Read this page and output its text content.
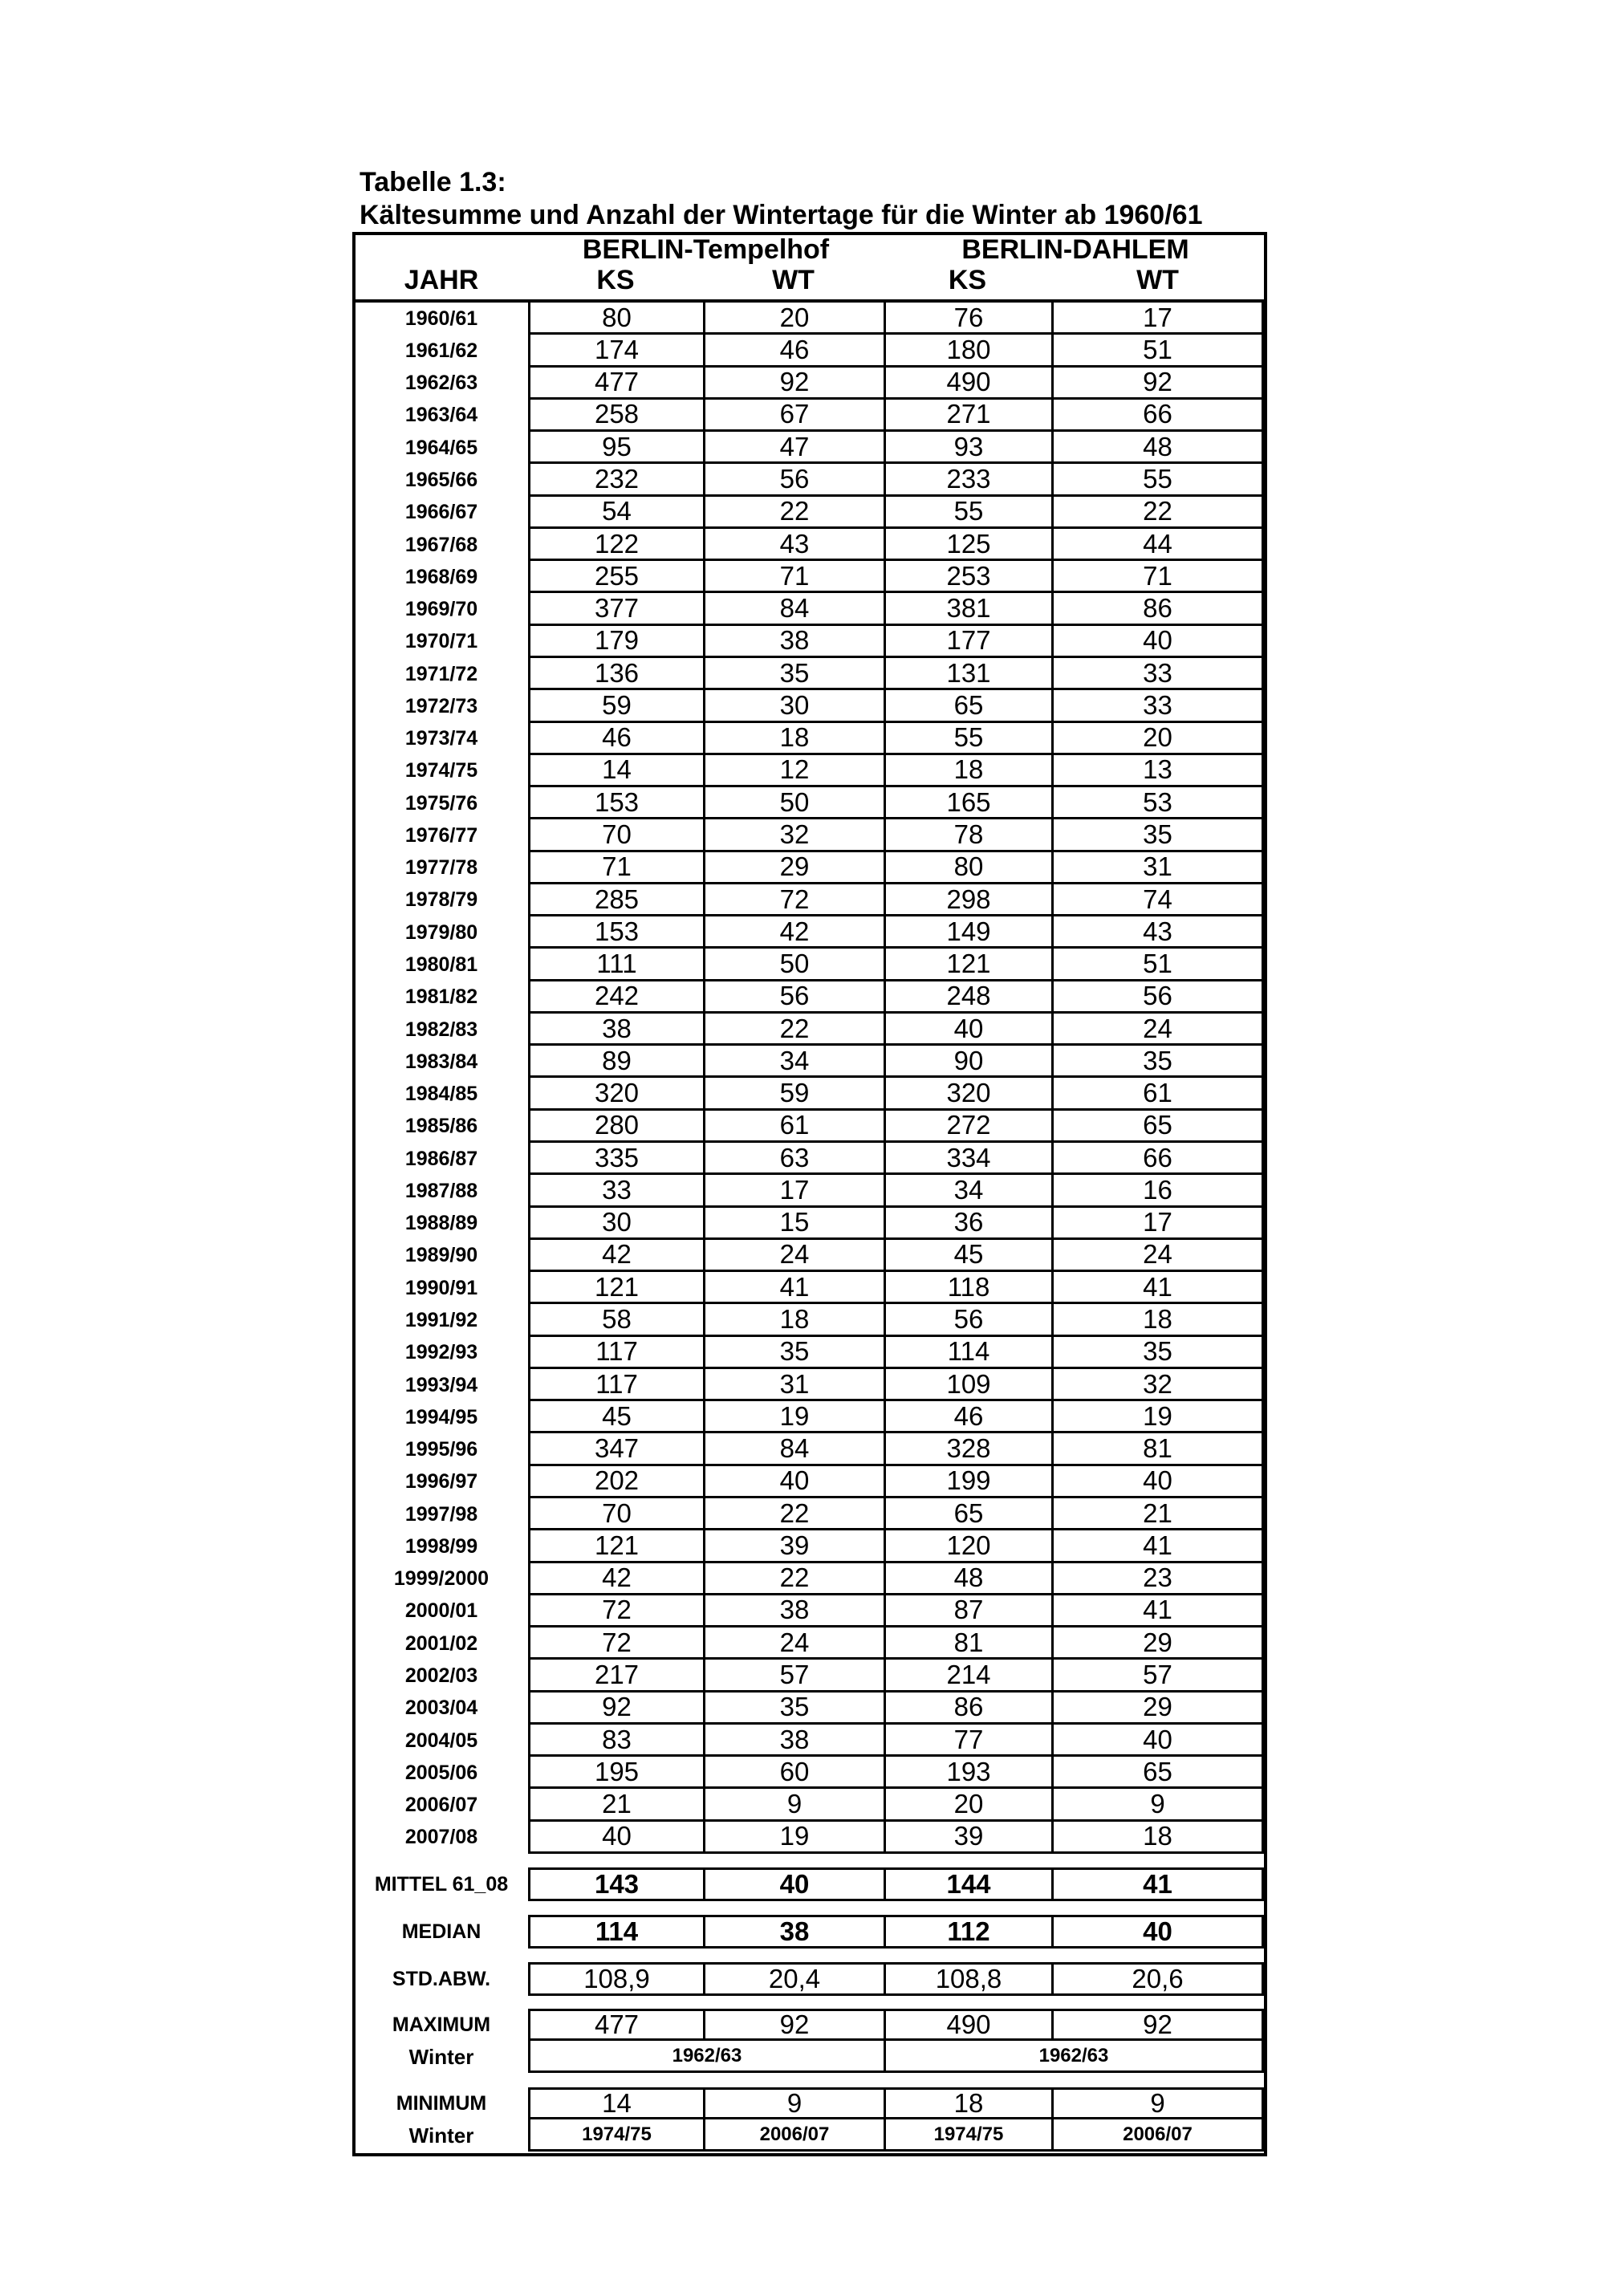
Tabelle 1.3:
Kältesumme und Anzahl der Wintertage für die Winter ab 1960/61
BERLIN-DAHLEM
BERLIN-Tempelhof
JAHR	KS	WT	KS	WT
1960/61	80	20	76	17
1961/62	174	46	180	51
1962/63	477	92	490	92
1963/64	258	67	271	66
1964/65	95	47	93	48
1965/66	232	56	233	55
1966/67	54	22	55	22
1967/68	122	43	125	44
1968/69	255	71	253	71
1969/70	377	84	381	86
1970/71	179	38	177	40
1971/72	136	35	131	33
1972/73	59	30	65	33
1973/74	46	18	55	20
1974/75	14	12	18	13
1975/76	153	50	165	53
1976/77	70	32	78	35
1977/78	71	29	80	31
1978/79	285	72	298	74
1979/80	153	42	149	43
1980/81	111	50	121	51
1981/82	242	56	248	56
1982/83	38	22	40	24
1983/84	89	34	90	35
1984/85	320	59	320	61
1985/86	280	61	272	65
1986/87	335	63	334	66
1987/88	33	17	34	16
1988/89	30	15	36	17
1989/90	42	24	45	24
1990/91	121	41	118	41
1991/92	58	18	56	18
1992/93	117	35	114	35
1993/94	117	31	109	32
1994/95	45	19	46	19
1995/96	347	84	328	81
1996/97	202	40	199	40
1997/98	70	22	65	21
1998/99	121	39	120	41
1999/2000	42	22	48	23
2000/01	72	38	87	41
2001/02	72	24	81	29
2002/03	217	57	214	57
2003/04	92	35	86	29
2004/05	83	38	77	40
2005/06	195	60	193	65
2006/07	21	9	20	9
2007/08	40	19	39	18
MITTEL 61_08	143	40	144	41
MEDIAN	114	38	112	40
STD.ABW.	108,9	20,4	108,8	20,6
MAXIMUM	477	92	490	92
Winter	1962/63	1962/63
MINIMUM	14	9	18	9
Winter	1974/75	2006/07	1974/75	2006/07
